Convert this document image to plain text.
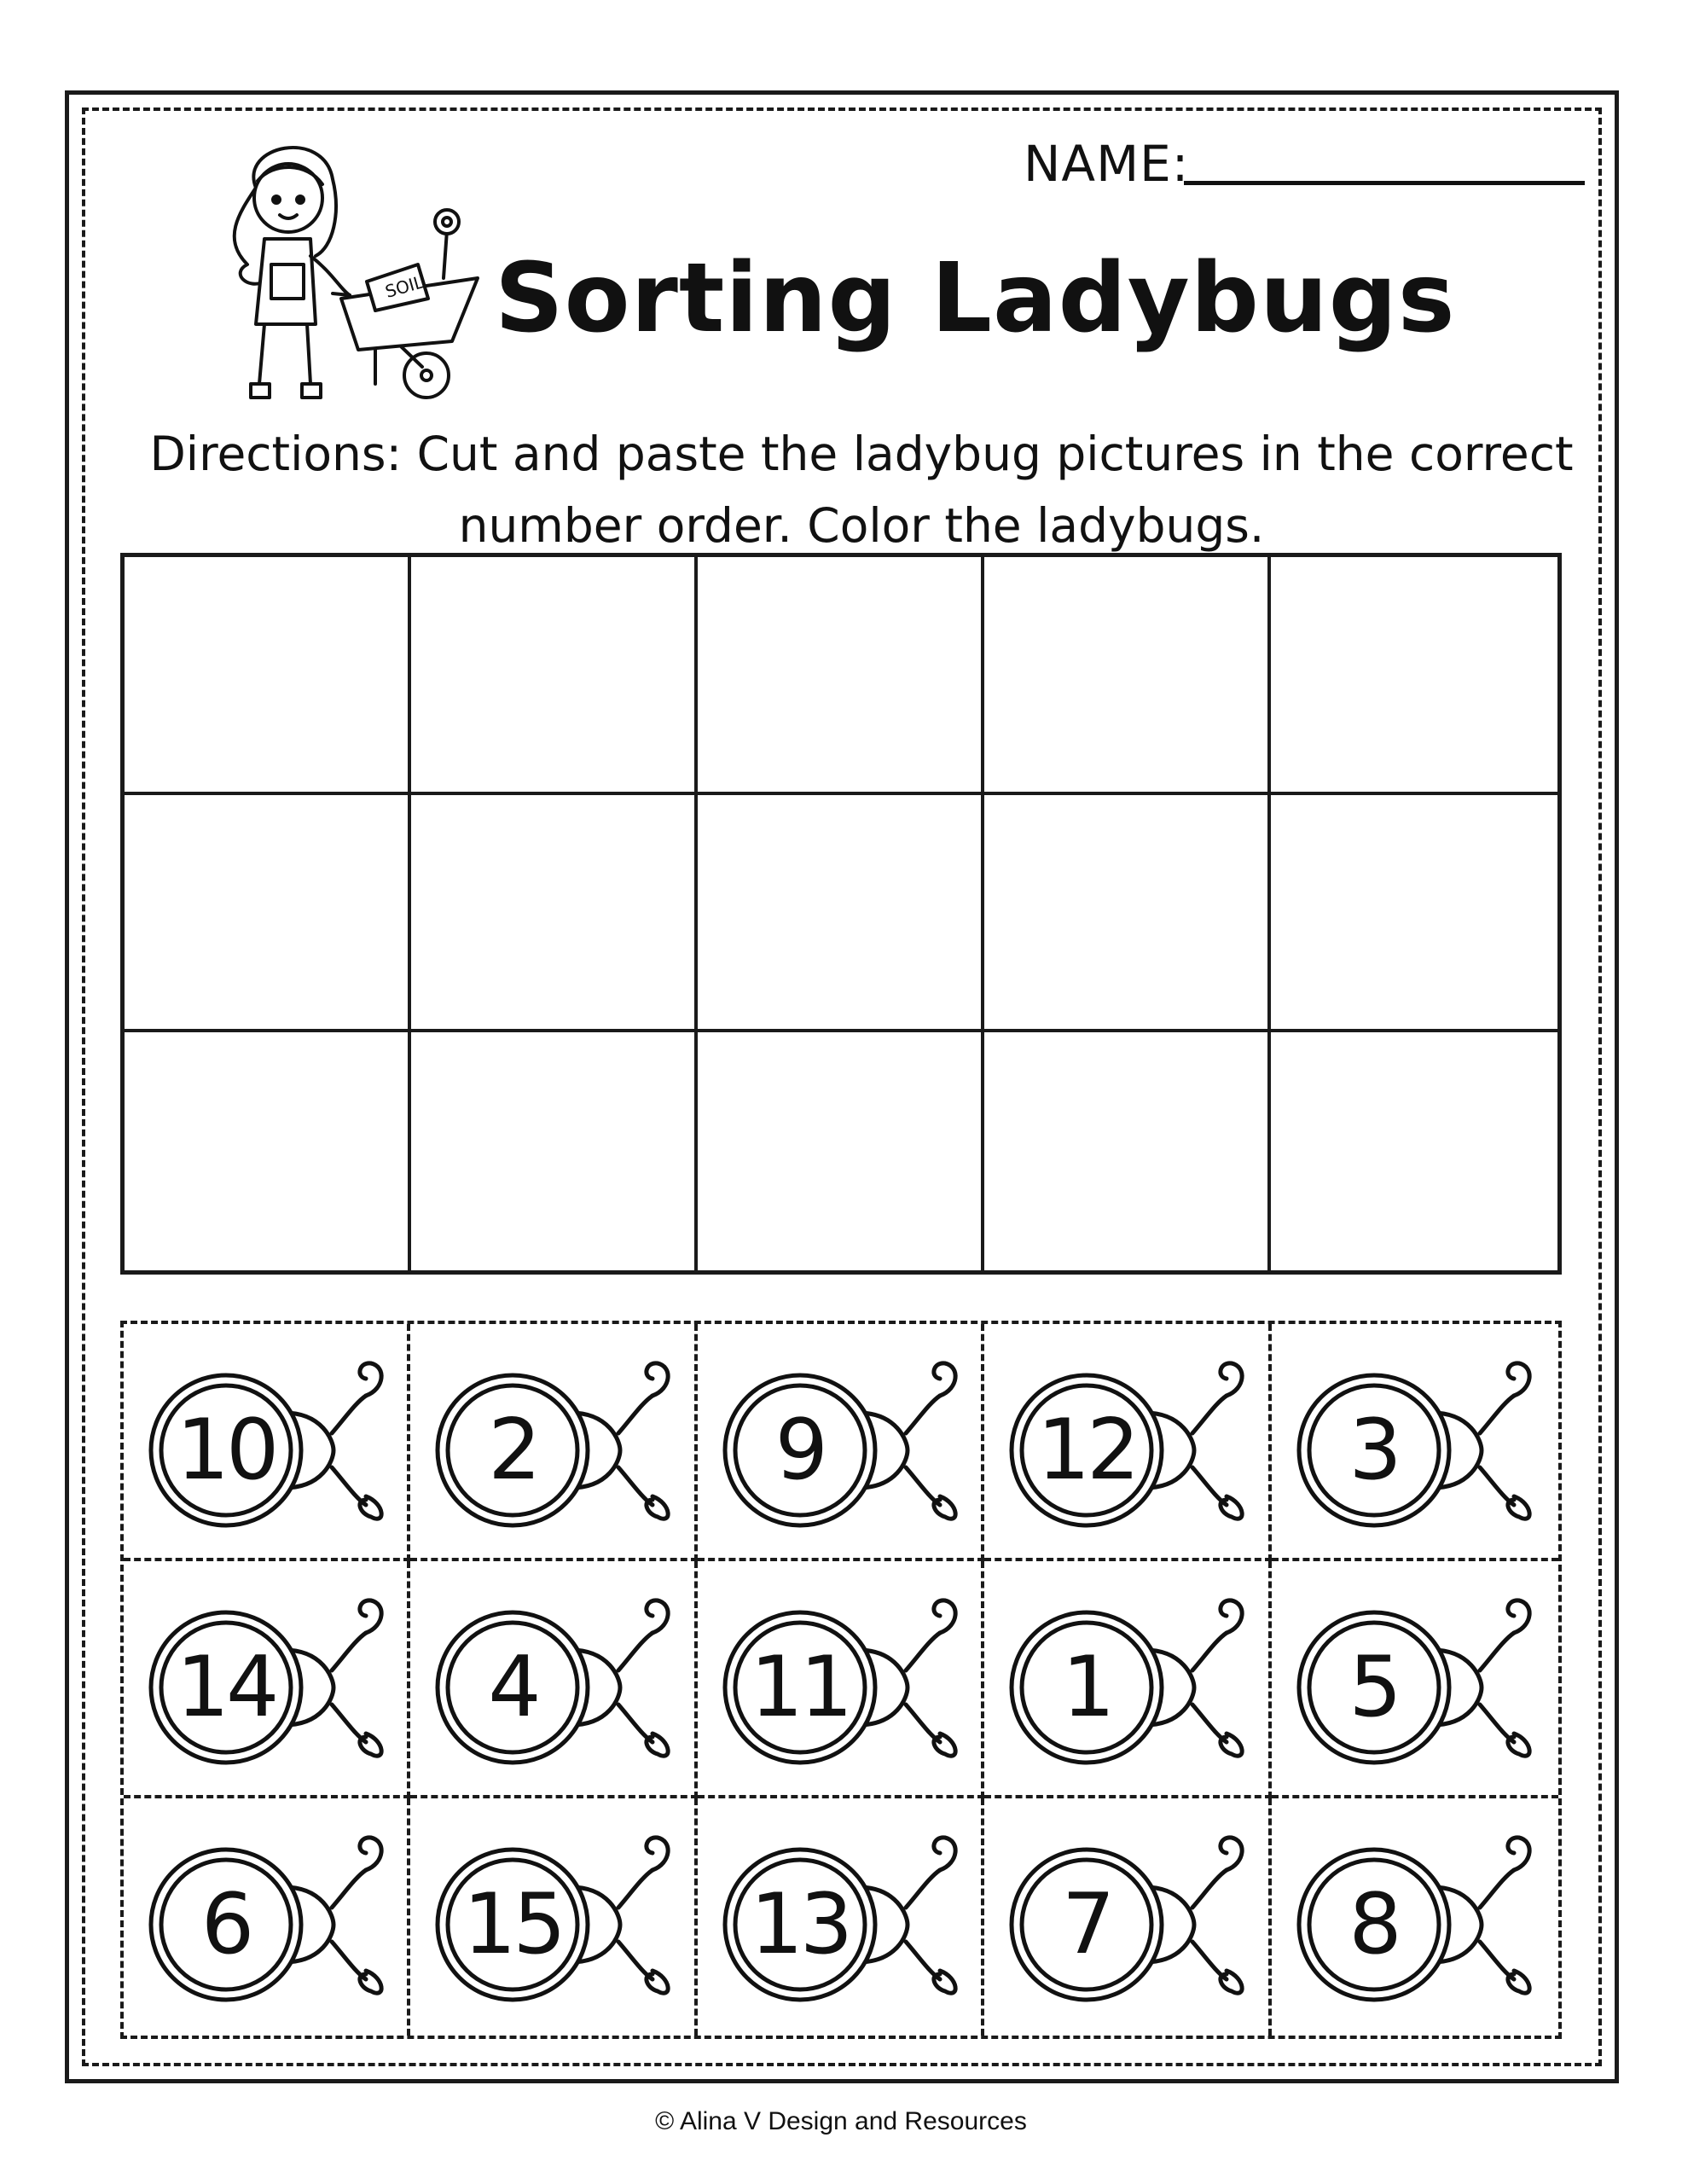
SOIL
NAME:
Sorting Ladybugs
Directions: Cut and paste the ladybug pictures in the correct
number order. Color the ladybugs.
10	2	9	12	3
14	4	11	1	5
6	15	13	7	8
© Alina V Design and Resources
